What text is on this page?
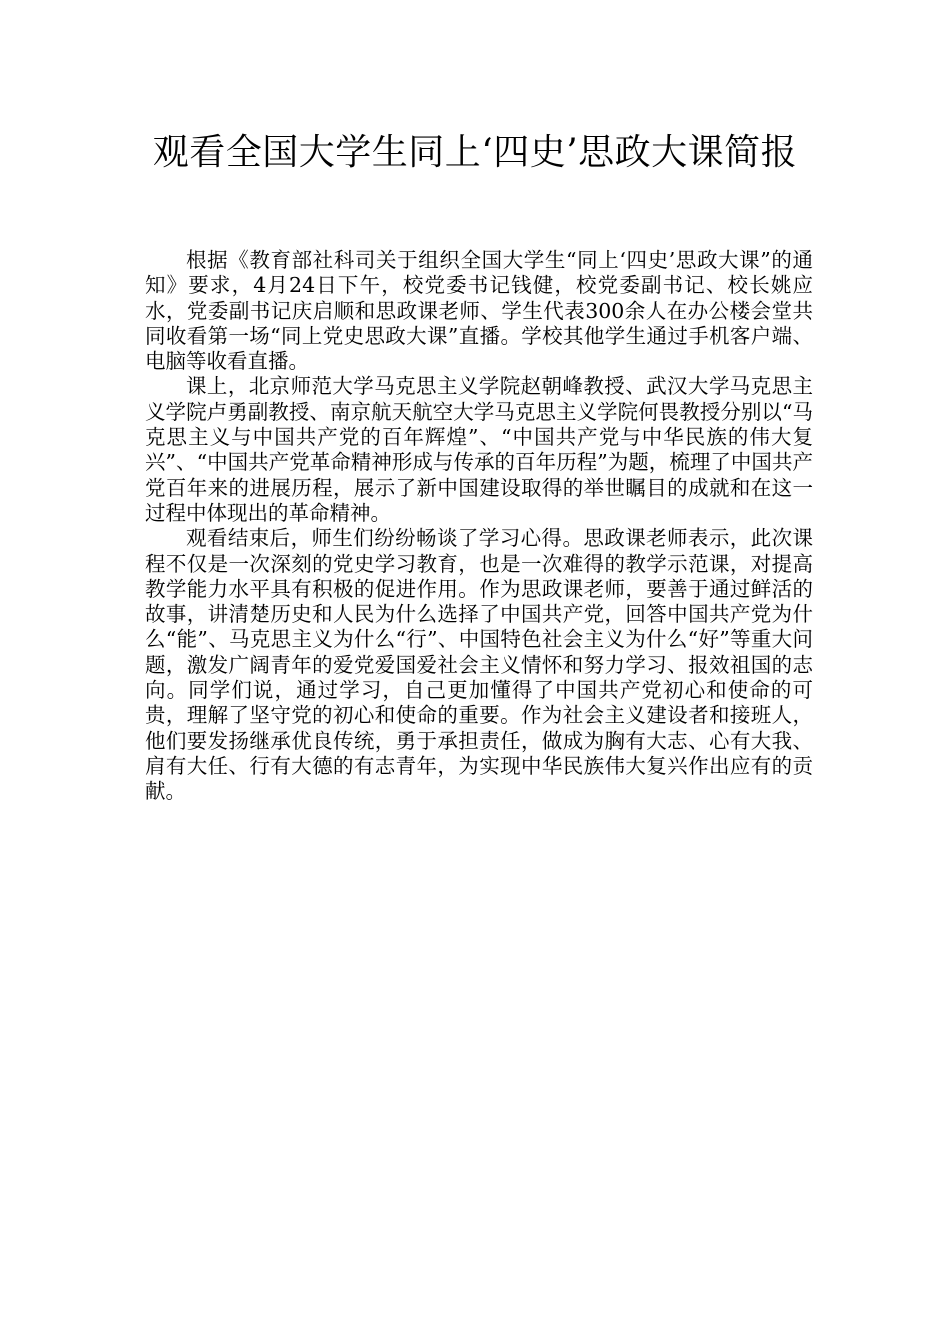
观看全国大学生同上‘四史’思政大课简报

根据《教育部社科司关于组织全国大学生“同上‘四史’思政大课”的通知》要求，4月24日下午，校党委书记钱健，校党委副书记、校长姚应水，党委副书记庆启顺和思政课老师、学生代表300余人在办公楼会堂共同收看第一场“同上党史思政大课”直播。学校其他学生通过手机客户端、电脑等收看直播。

课上，北京师范大学马克思主义学院赵朝峰教授、武汉大学马克思主义学院卢勇副教授、南京航天航空大学马克思主义学院何畏教授分别以“马克思主义与中国共产党的百年辉煌”、“中国共产党与中华民族的伟大复兴”、“中国共产党革命精神形成与传承的百年历程”为题，梳理了中国共产党百年来的进展历程，展示了新中国建设取得的举世瞩目的成就和在这一过程中体现出的革命精神。

观看结束后，师生们纷纷畅谈了学习心得。思政课老师表示，此次课程不仅是一次深刻的党史学习教育，也是一次难得的教学示范课，对提高教学能力水平具有积极的促进作用。作为思政课老师，要善于通过鲜活的故事，讲清楚历史和人民为什么选择了中国共产党，回答中国共产党为什么“能”、马克思主义为什么“行”、中国特色社会主义为什么“好”等重大问题，激发广阔青年的爱党爱国爱社会主义情怀和努力学习、报效祖国的志向。同学们说，通过学习，自己更加懂得了中国共产党初心和使命的可贵，理解了坚守党的初心和使命的重要。作为社会主义建设者和接班人，他们要发扬继承优良传统，勇于承担责任，做成为胸有大志、心有大我、肩有大任、行有大德的有志青年，为实现中华民族伟大复兴作出应有的贡献。
